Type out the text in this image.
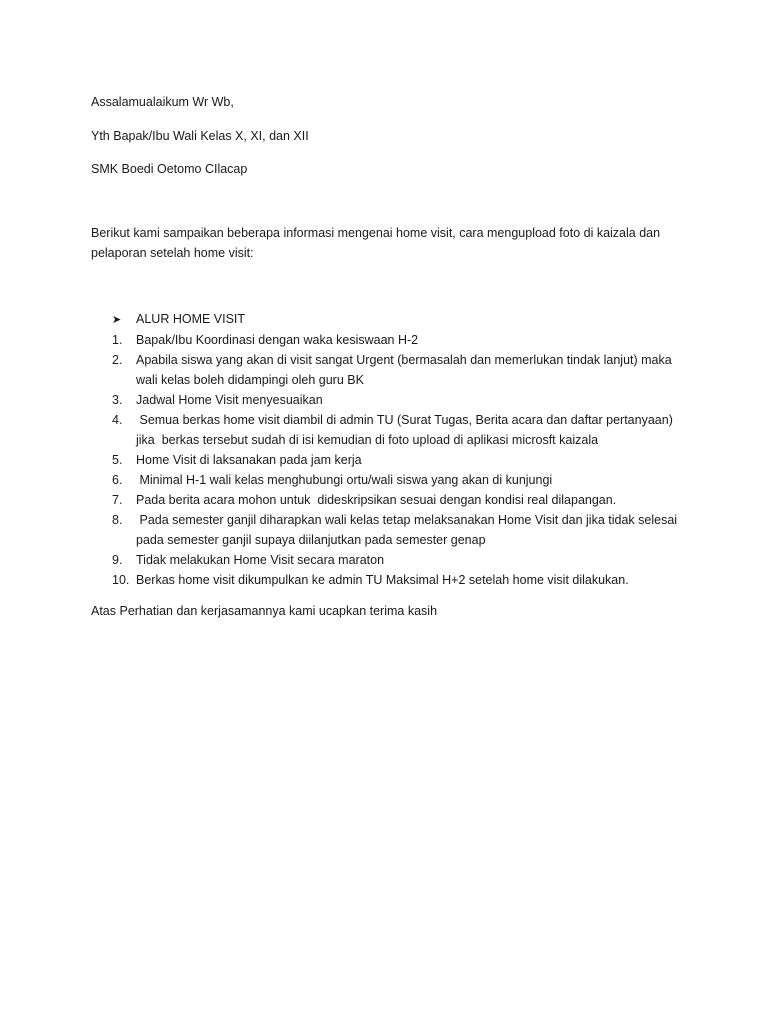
Assalamualaikum Wr Wb,
Yth Bapak/Ibu Wali Kelas X, XI, dan XII
SMK Boedi Oetomo CIlacap
Berikut kami sampaikan beberapa informasi mengenai home visit, cara mengupload foto di kaizala dan
pelaporan setelah home visit:
➤	ALUR HOME VISIT
1.	Bapak/Ibu Koordinasi dengan waka kesiswaan H-2
2.	Apabila siswa yang akan di visit sangat Urgent (bermasalah dan memerlukan tindak lanjut) maka
wali kelas boleh didampingi oleh guru BK
3.	Jadwal Home Visit menyesuaikan
4.	Semua berkas home visit diambil di admin TU (Surat Tugas, Berita acara dan daftar pertanyaan)
jika  berkas tersebut sudah di isi kemudian di foto upload di aplikasi microsft kaizala
5.	Home Visit di laksanakan pada jam kerja
6.	Minimal H-1 wali kelas menghubungi ortu/wali siswa yang akan di kunjungi
7.	Pada berita acara mohon untuk  dideskripsikan sesuai dengan kondisi real dilapangan.
8.	Pada semester ganjil diharapkan wali kelas tetap melaksanakan Home Visit dan jika tidak selesai
pada semester ganjil supaya diilanjutkan pada semester genap
9.	Tidak melakukan Home Visit secara maraton
10. Berkas home visit dikumpulkan ke admin TU Maksimal H+2 setelah home visit dilakukan.
Atas Perhatian dan kerjasamannya kami ucapkan terima kasih
